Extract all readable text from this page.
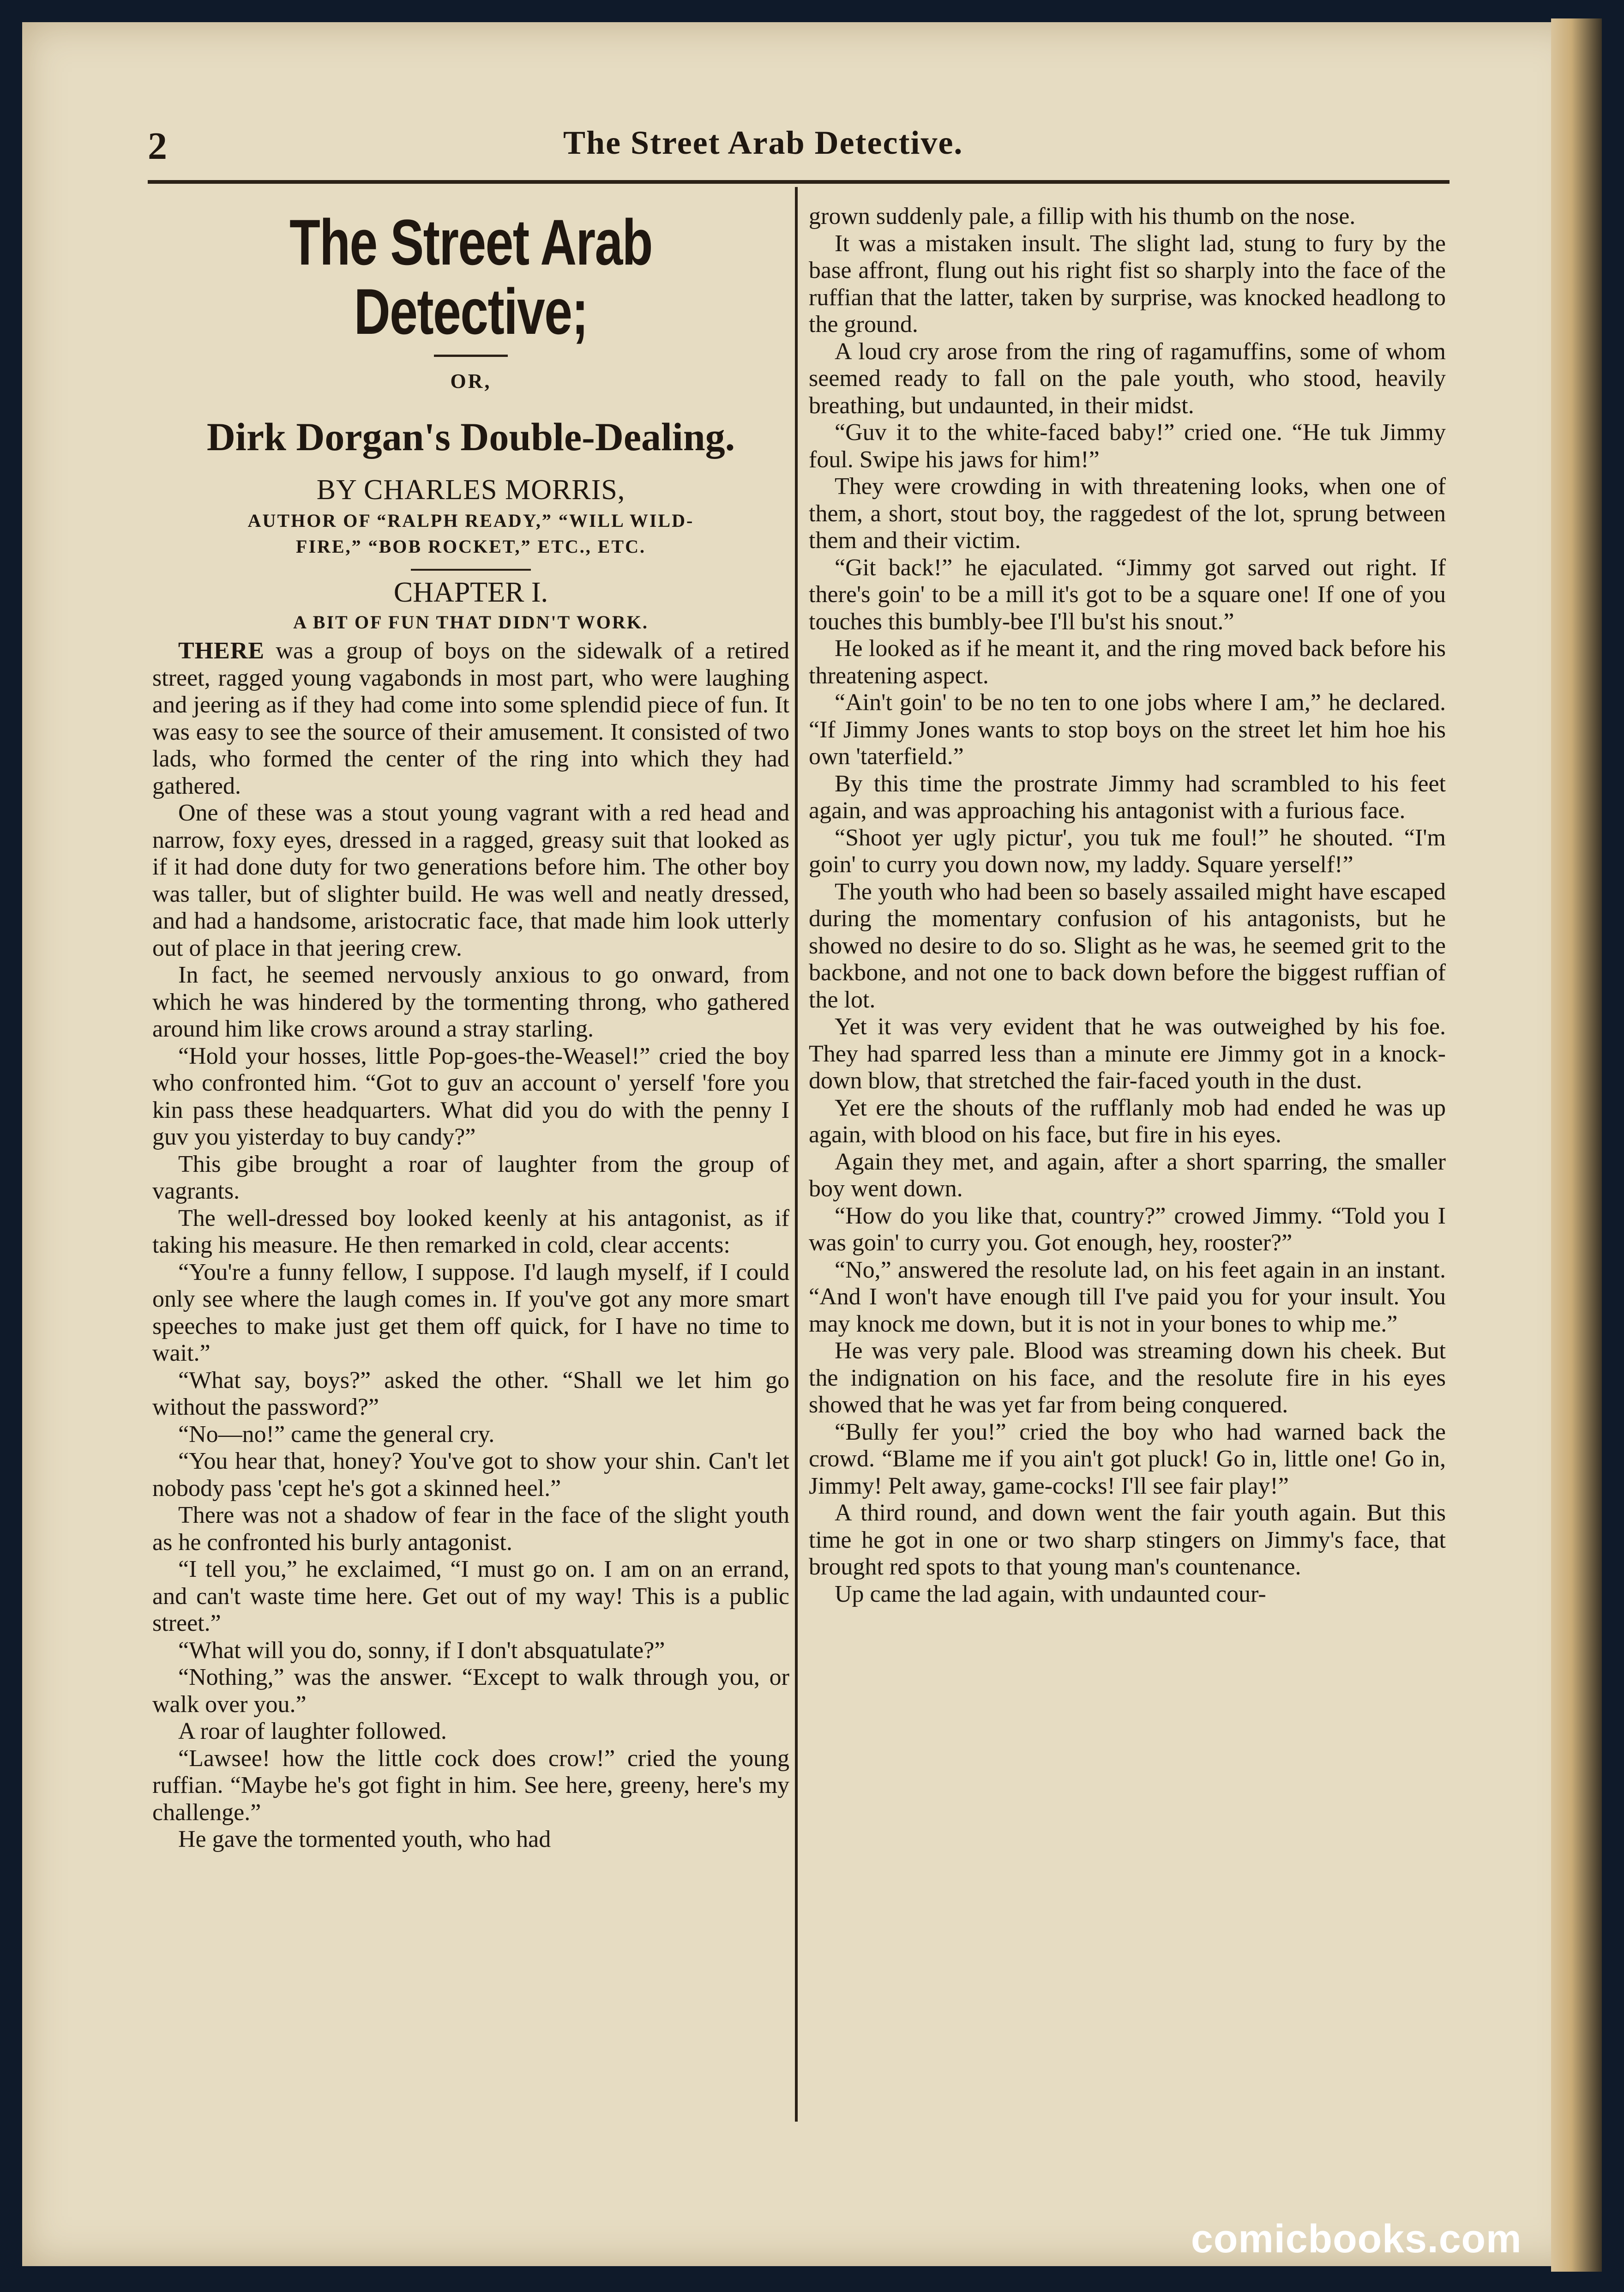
2	The Street Arab Detective.
The Street Arab Detective;
OR,
Dirk Dorgan's Double-Dealing.
BY CHARLES MORRIS,
AUTHOR OF “RALPH READY,” “WILL WILD-
FIRE,” “BOB ROCKET,” ETC., ETC.
CHAPTER I.
A BIT OF FUN THAT DIDN'T WORK.

THERE was a group of boys on the sidewalk of a retired street, ragged young vagabonds in most part, who were laughing and jeering as if they had come into some splendid piece of fun. It was easy to see the source of their amusement. It consisted of two lads, who formed the center of the ring into which they had gathered.

One of these was a stout young vagrant with a red head and narrow, foxy eyes, dressed in a ragged, greasy suit that looked as if it had done duty for two generations before him. The other boy was taller, but of slighter build. He was well and neatly dressed, and had a handsome, aristocratic face, that made him look utterly out of place in that jeering crew.

In fact, he seemed nervously anxious to go onward, from which he was hindered by the tormenting throng, who gathered around him like crows around a stray starling.

“Hold your hosses, little Pop-goes-the-Weasel!” cried the boy who confronted him. “Got to guv an account o' yerself 'fore you kin pass these headquarters. What did you do with the penny I guv you yisterday to buy candy?”

This gibe brought a roar of laughter from the group of vagrants.

The well-dressed boy looked keenly at his antagonist, as if taking his measure. He then remarked in cold, clear accents:

“You're a funny fellow, I suppose. I'd laugh myself, if I could only see where the laugh comes in. If you've got any more smart speeches to make just get them off quick, for I have no time to wait.”

“What say, boys?” asked the other. “Shall we let him go without the password?”

“No—no!” came the general cry.

“You hear that, honey? You've got to show your shin. Can't let nobody pass 'cept he's got a skinned heel.”

There was not a shadow of fear in the face of the slight youth as he confronted his burly antagonist.

“I tell you,” he exclaimed, “I must go on. I am on an errand, and can't waste time here. Get out of my way! This is a public street.”

“What will you do, sonny, if I don't absquatulate?”

“Nothing,” was the answer. “Except to walk through you, or walk over you.”

A roar of laughter followed.

“Lawsee! how the little cock does crow!” cried the young ruffian. “Maybe he's got fight in him. See here, greeny, here's my challenge.”

He gave the tormented youth, who had

grown suddenly pale, a fillip with his thumb on the nose.

It was a mistaken insult. The slight lad, stung to fury by the base affront, flung out his right fist so sharply into the face of the ruffian that the latter, taken by surprise, was knocked headlong to the ground.

A loud cry arose from the ring of ragamuffins, some of whom seemed ready to fall on the pale youth, who stood, heavily breathing, but undaunted, in their midst.

“Guv it to the white-faced baby!” cried one. “He tuk Jimmy foul. Swipe his jaws for him!”

They were crowding in with threatening looks, when one of them, a short, stout boy, the raggedest of the lot, sprung between them and their victim.

“Git back!” he ejaculated. “Jimmy got sarved out right. If there's goin' to be a mill it's got to be a square one! If one of you touches this bumbly-bee I'll bu'st his snout.”

He looked as if he meant it, and the ring moved back before his threatening aspect.

“Ain't goin' to be no ten to one jobs where I am,” he declared. “If Jimmy Jones wants to stop boys on the street let him hoe his own 'taterfield.”

By this time the prostrate Jimmy had scrambled to his feet again, and was approaching his antagonist with a furious face.

“Shoot yer ugly pictur', you tuk me foul!” he shouted. “I'm goin' to curry you down now, my laddy. Square yerself!”

The youth who had been so basely assailed might have escaped during the momentary confusion of his antagonists, but he showed no desire to do so. Slight as he was, he seemed grit to the backbone, and not one to back down before the biggest ruffian of the lot.

Yet it was very evident that he was outweighed by his foe. They had sparred less than a minute ere Jimmy got in a knock-down blow, that stretched the fair-faced youth in the dust.

Yet ere the shouts of the rufflanly mob had ended he was up again, with blood on his face, but fire in his eyes.

Again they met, and again, after a short sparring, the smaller boy went down.

“How do you like that, country?” crowed Jimmy. “Told you I was goin' to curry you. Got enough, hey, rooster?”

“No,” answered the resolute lad, on his feet again in an instant. “And I won't have enough till I've paid you for your insult. You may knock me down, but it is not in your bones to whip me.”

He was very pale. Blood was streaming down his cheek. But the indignation on his face, and the resolute fire in his eyes showed that he was yet far from being conquered.

“Bully fer you!” cried the boy who had warned back the crowd. “Blame me if you ain't got pluck! Go in, little one! Go in, Jimmy! Pelt away, game-cocks! I'll see fair play!”

A third round, and down went the fair youth again. But this time he got in one or two sharp stingers on Jimmy's face, that brought red spots to that young man's countenance.

Up came the lad again, with undaunted cour-

comicbooks.com
